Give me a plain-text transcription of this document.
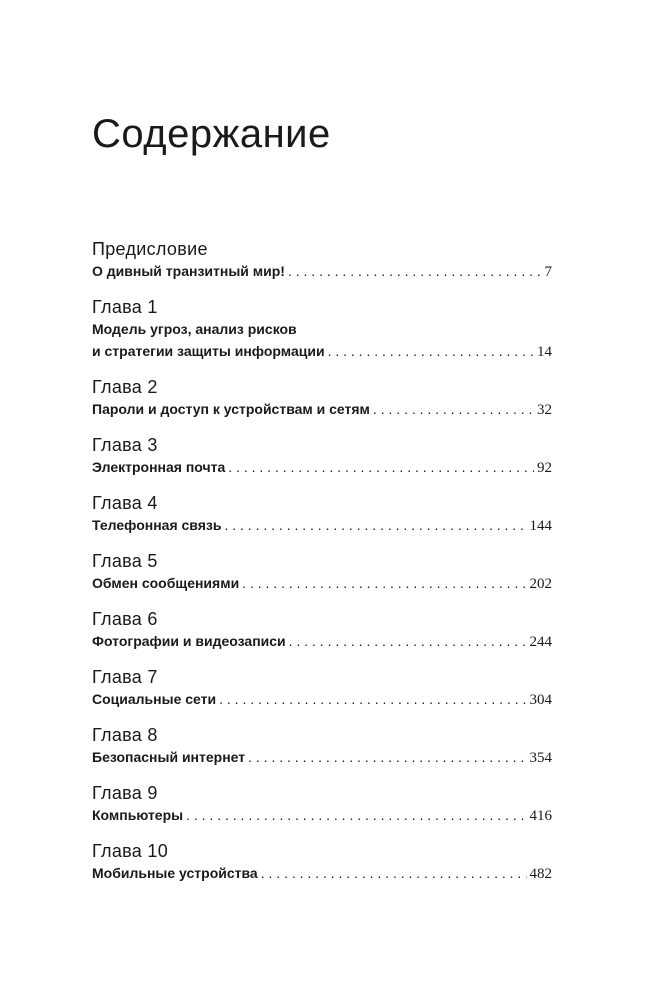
Содержание
Предисловие
О дивный транзитный мир! . . .	7
Глава 1
Модель угроз, анализ рисков
и стратегии защиты информации . . .	14
Глава 2
Пароли и доступ к устройствам и сетям . . .	32
Глава 3
Электронная почта . . .	92
Глава 4
Телефонная связь . . .	144
Глава 5
Обмен сообщениями . . .	202
Глава 6
Фотографии и видеозаписи . . .	244
Глава 7
Социальные сети . . .	304
Глава 8
Безопасный интернет . . .	354
Глава 9
Компьютеры . . .	416
Глава 10
Мобильные устройства . . .	482
